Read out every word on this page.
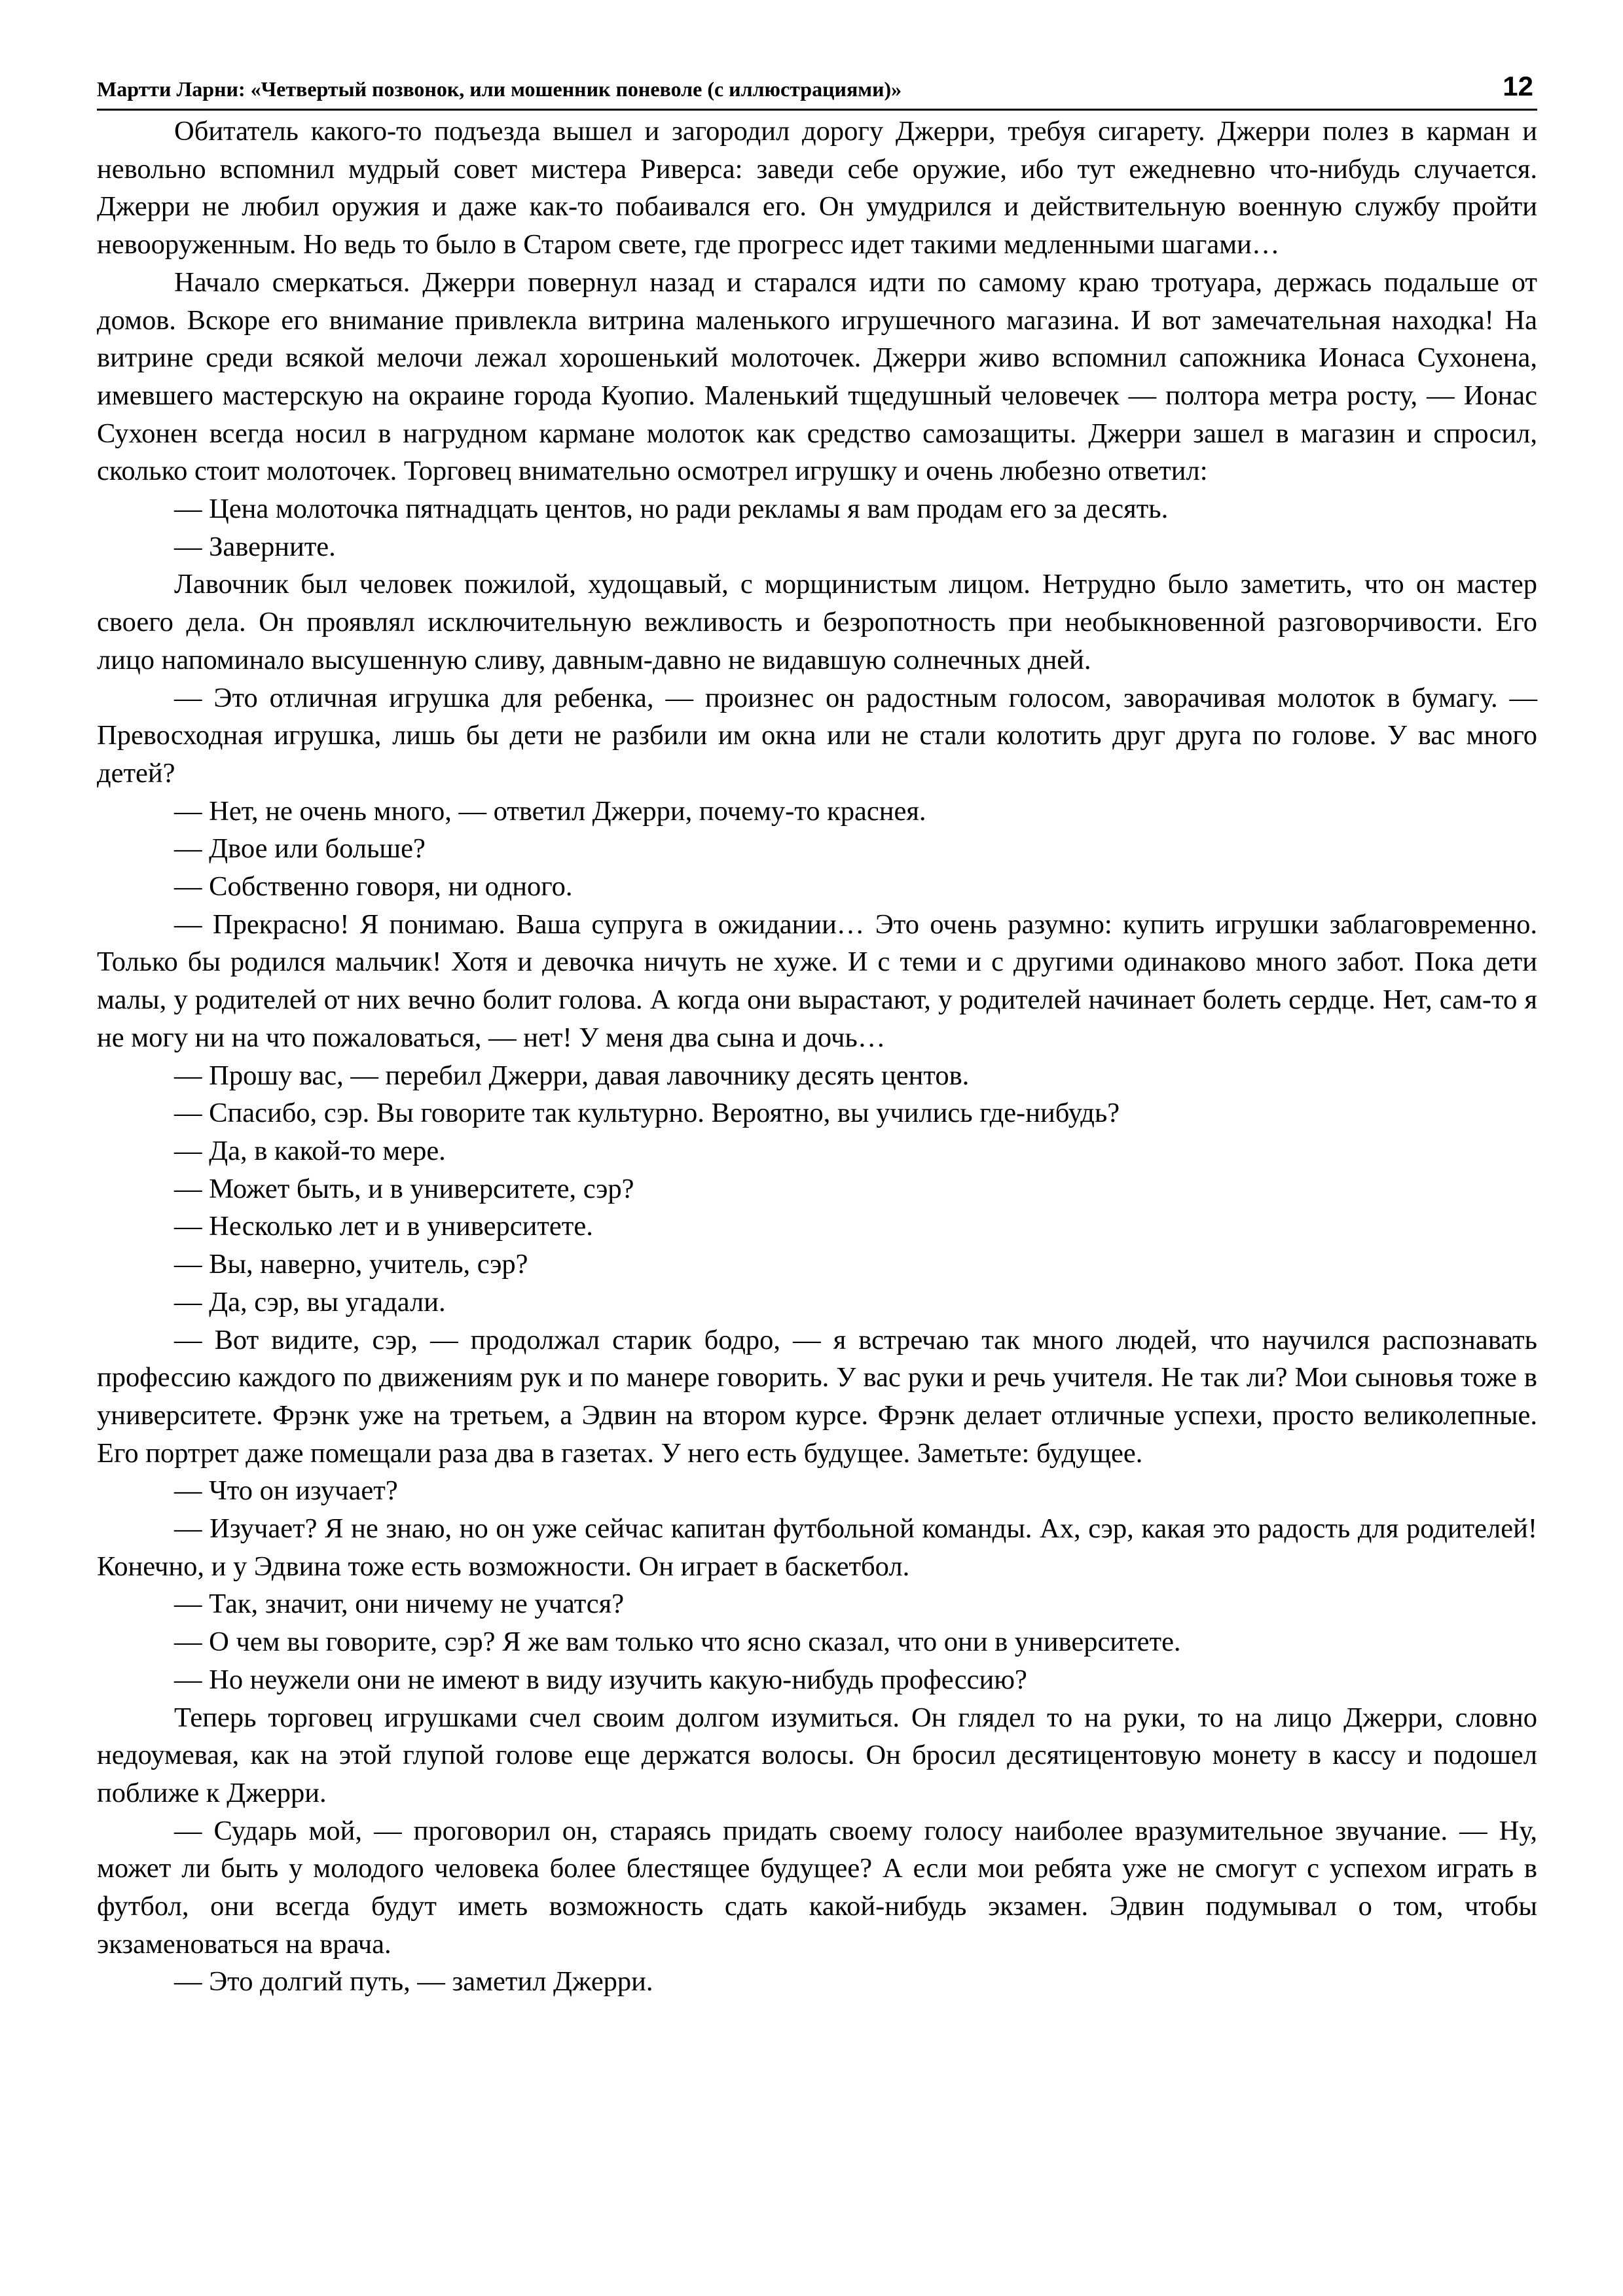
Мартти Ларни: «Четвертый позвонок, или мошенник поневоле (с иллюстрациями)»	12

Обитатель какого-то подъезда вышел и загородил дорогу Джерри, требуя сигарету. Джерри полез в карман и невольно вспомнил мудрый совет мистера Риверса: заведи себе оружие, ибо тут ежедневно что-нибудь случается. Джерри не любил оружия и даже как-то побаивался его. Он умудрился и действительную военную службу пройти невооруженным. Но ведь то было в Старом свете, где прогресс идет такими медленными шагами…

Начало смеркаться. Джерри повернул назад и старался идти по самому краю тротуара, держась подальше от домов. Вскоре его внимание привлекла витрина маленького игрушечного магазина. И вот замечательная находка! На витрине среди всякой мелочи лежал хорошенький молоточек. Джерри живо вспомнил сапожника Ионаса Сухонена, имевшего мастерскую на окраине города Куопио. Маленький тщедушный человечек — полтора метра росту, — Ионас Сухонен всегда носил в нагрудном кармане молоток как средство самозащиты. Джерри зашел в магазин и спросил, сколько стоит молоточек. Торговец внимательно осмотрел игрушку и очень любезно ответил:

— Цена молоточка пятнадцать центов, но ради рекламы я вам продам его за десять.

— Заверните.

Лавочник был человек пожилой, худощавый, с морщинистым лицом. Нетрудно было заметить, что он мастер своего дела. Он проявлял исключительную вежливость и безропотность при необыкновенной разговорчивости. Его лицо напоминало высушенную сливу, давным-давно не видавшую солнечных дней.

— Это отличная игрушка для ребенка, — произнес он радостным голосом, заворачивая молоток в бумагу. — Превосходная игрушка, лишь бы дети не разбили им окна или не стали колотить друг друга по голове. У вас много детей?

— Нет, не очень много, — ответил Джерри, почему-то краснея.

— Двое или больше?

— Собственно говоря, ни одного.

— Прекрасно! Я понимаю. Ваша супруга в ожидании… Это очень разумно: купить игрушки заблаговременно. Только бы родился мальчик! Хотя и девочка ничуть не хуже. И с теми и с другими одинаково много забот. Пока дети малы, у родителей от них вечно болит голова. А когда они вырастают, у родителей начинает болеть сердце. Нет, сам-то я не могу ни на что пожаловаться, — нет! У меня два сына и дочь…

— Прошу вас, — перебил Джерри, давая лавочнику десять центов.

— Спасибо, сэр. Вы говорите так культурно. Вероятно, вы учились где-нибудь?

— Да, в какой-то мере.

— Может быть, и в университете, сэр?

— Несколько лет и в университете.

— Вы, наверно, учитель, сэр?

— Да, сэр, вы угадали.

— Вот видите, сэр, — продолжал старик бодро, — я встречаю так много людей, что научился распознавать профессию каждого по движениям рук и по манере говорить. У вас руки и речь учителя. Не так ли? Мои сыновья тоже в университете. Фрэнк уже на третьем, а Эдвин на втором курсе. Фрэнк делает отличные успехи, просто великолепные. Его портрет даже помещали раза два в газетах. У него есть будущее. Заметьте: будущее.

— Что он изучает?

— Изучает? Я не знаю, но он уже сейчас капитан футбольной команды. Ах, сэр, какая это радость для родителей! Конечно, и у Эдвина тоже есть возможности. Он играет в баскетбол.

— Так, значит, они ничему не учатся?

— О чем вы говорите, сэр? Я же вам только что ясно сказал, что они в университете.

— Но неужели они не имеют в виду изучить какую-нибудь профессию?

Теперь торговец игрушками счел своим долгом изумиться. Он глядел то на руки, то на лицо Джерри, словно недоумевая, как на этой глупой голове еще держатся волосы. Он бросил десятицентовую монету в кассу и подошел поближе к Джерри.

— Сударь мой, — проговорил он, стараясь придать своему голосу наиболее вразумительное звучание. — Ну, может ли быть у молодого человека более блестящее будущее? А если мои ребята уже не смогут с успехом играть в футбол, они всегда будут иметь возможность сдать какой-нибудь экзамен. Эдвин подумывал о том, чтобы экзаменоваться на врача.

— Это долгий путь, — заметил Джерри.
